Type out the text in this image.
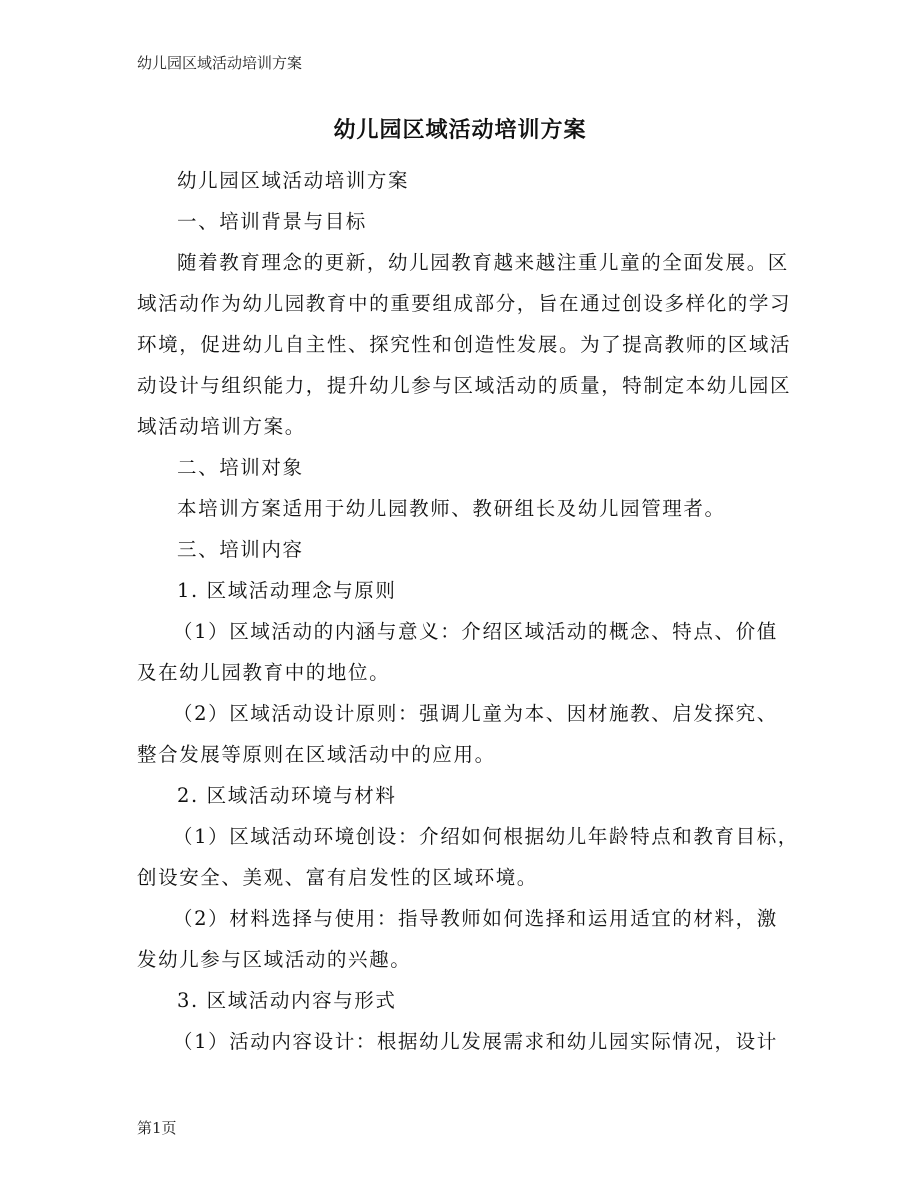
幼儿园区域活动培训方案
幼儿园区域活动培训方案

幼儿园区域活动培训方案

一、培训背景与目标

随着教育理念的更新，幼儿园教育越来越注重儿童的全面发展。区

域活动作为幼儿园教育中的重要组成部分，旨在通过创设多样化的学习

环境，促进幼儿自主性、探究性和创造性发展。为了提高教师的区域活

动设计与组织能力，提升幼儿参与区域活动的质量，特制定本幼儿园区

域活动培训方案。

二、培训对象

本培训方案适用于幼儿园教师、教研组长及幼儿园管理者。

三、培训内容

1. 区域活动理念与原则

（1）区域活动的内涵与意义：介绍区域活动的概念、特点、价值

及在幼儿园教育中的地位。

（2）区域活动设计原则：强调儿童为本、因材施教、启发探究、

整合发展等原则在区域活动中的应用。

2. 区域活动环境与材料

（1）区域活动环境创设：介绍如何根据幼儿年龄特点和教育目标，

创设安全、美观、富有启发性的区域环境。

（2）材料选择与使用：指导教师如何选择和运用适宜的材料，激

发幼儿参与区域活动的兴趣。

3. 区域活动内容与形式

（1）活动内容设计：根据幼儿发展需求和幼儿园实际情况，设计

第1页
